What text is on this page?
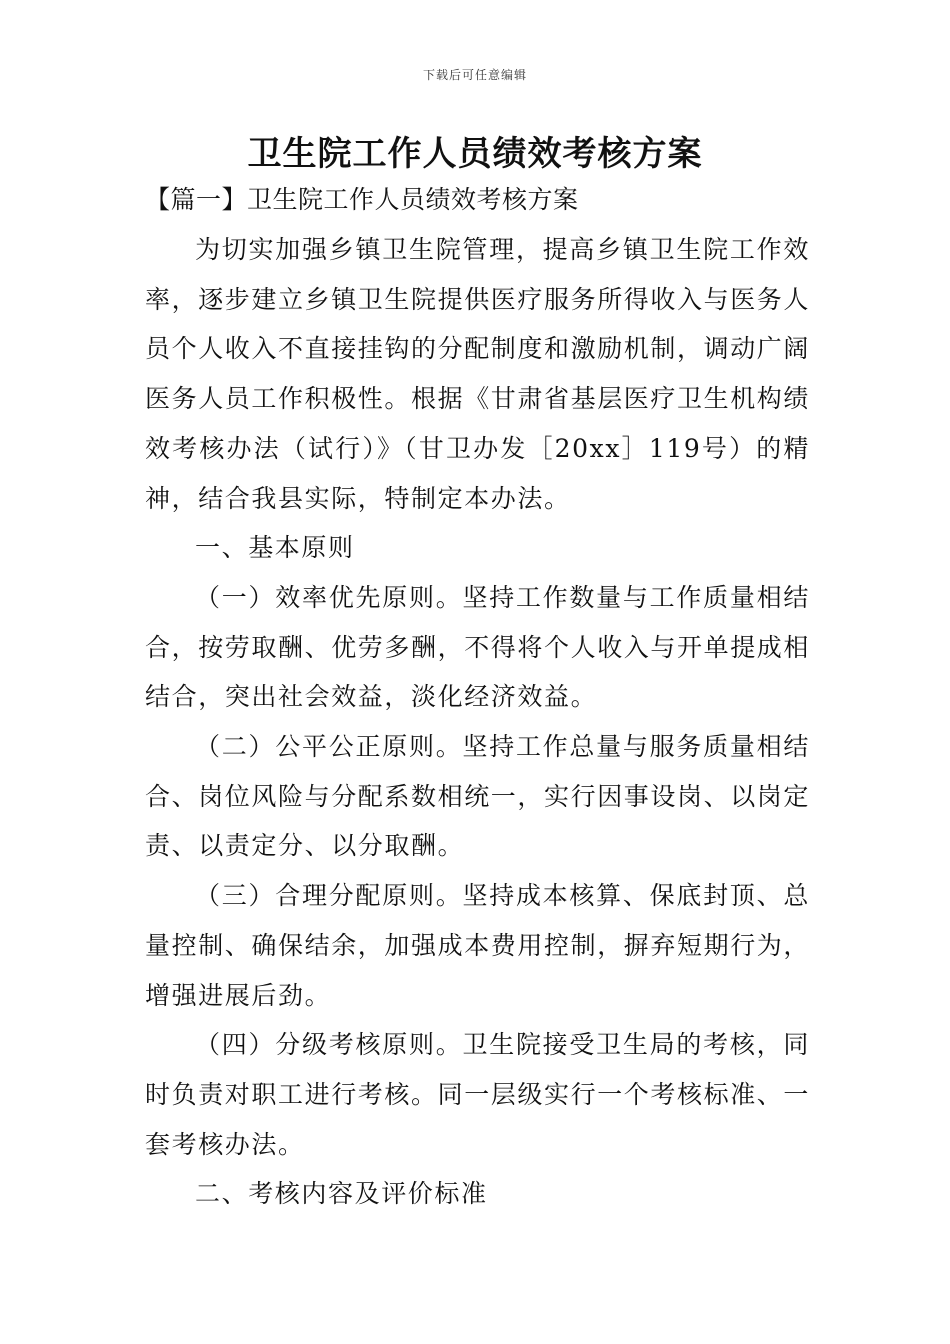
下载后可任意编辑
卫生院工作人员绩效考核方案
【篇一】卫生院工作人员绩效考核方案

为切实加强乡镇卫生院管理，提高乡镇卫生院工作效率，逐步建立乡镇卫生院提供医疗服务所得收入与医务人员个人收入不直接挂钩的分配制度和激励机制，调动广阔医务人员工作积极性。根据《甘肃省基层医疗卫生机构绩效考核办法（试行）》（甘卫办发［20xx］119号）的精神，结合我县实际，特制定本办法。

一、基本原则

（一）效率优先原则。坚持工作数量与工作质量相结合，按劳取酬、优劳多酬，不得将个人收入与开单提成相结合，突出社会效益，淡化经济效益。

（二）公平公正原则。坚持工作总量与服务质量相结合、岗位风险与分配系数相统一，实行因事设岗、以岗定责、以责定分、以分取酬。

（三）合理分配原则。坚持成本核算、保底封顶、总量控制、确保结余，加强成本费用控制，摒弃短期行为，增强进展后劲。

（四）分级考核原则。卫生院接受卫生局的考核，同时负责对职工进行考核。同一层级实行一个考核标准、一套考核办法。

二、考核内容及评价标准
